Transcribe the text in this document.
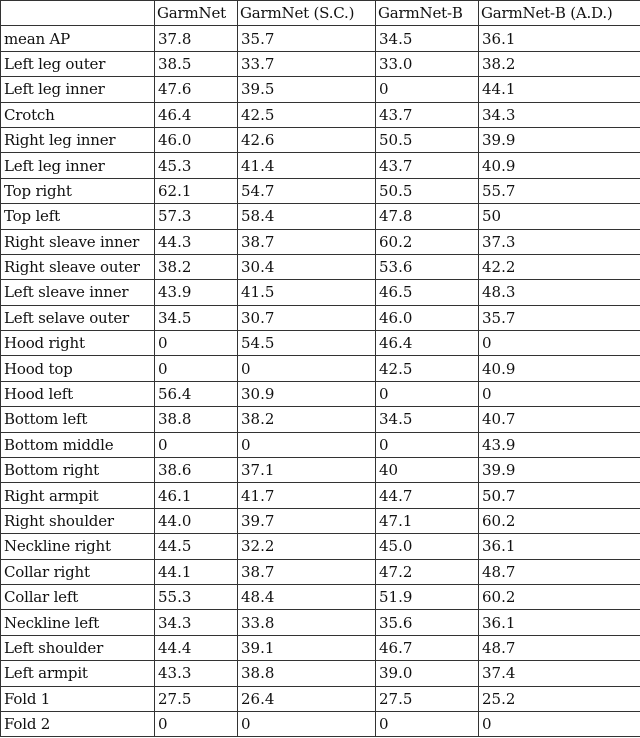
	GarmNet	GarmNet (S.C.)	GarmNet-B	GarmNet-B (A.D.)
mean AP	37.8	35.7	34.5	36.1
Left leg outer	38.5	33.7	33.0	38.2
Left leg inner	47.6	39.5	0	44.1
Crotch	46.4	42.5	43.7	34.3
Right leg inner	46.0	42.6	50.5	39.9
Left leg inner	45.3	41.4	43.7	40.9
Top right	62.1	54.7	50.5	55.7
Top left	57.3	58.4	47.8	50
Right sleave inner	44.3	38.7	60.2	37.3
Right sleave outer	38.2	30.4	53.6	42.2
Left sleave inner	43.9	41.5	46.5	48.3
Left selave outer	34.5	30.7	46.0	35.7
Hood right	0	54.5	46.4	0
Hood top	0	0	42.5	40.9
Hood left	56.4	30.9	0	0
Bottom left	38.8	38.2	34.5	40.7
Bottom middle	0	0	0	43.9
Bottom right	38.6	37.1	40	39.9
Right armpit	46.1	41.7	44.7	50.7
Right shoulder	44.0	39.7	47.1	60.2
Neckline right	44.5	32.2	45.0	36.1
Collar right	44.1	38.7	47.2	48.7
Collar left	55.3	48.4	51.9	60.2
Neckline left	34.3	33.8	35.6	36.1
Left shoulder	44.4	39.1	46.7	48.7
Left armpit	43.3	38.8	39.0	37.4
Fold 1	27.5	26.4	27.5	25.2
Fold 2	0	0	0	0
